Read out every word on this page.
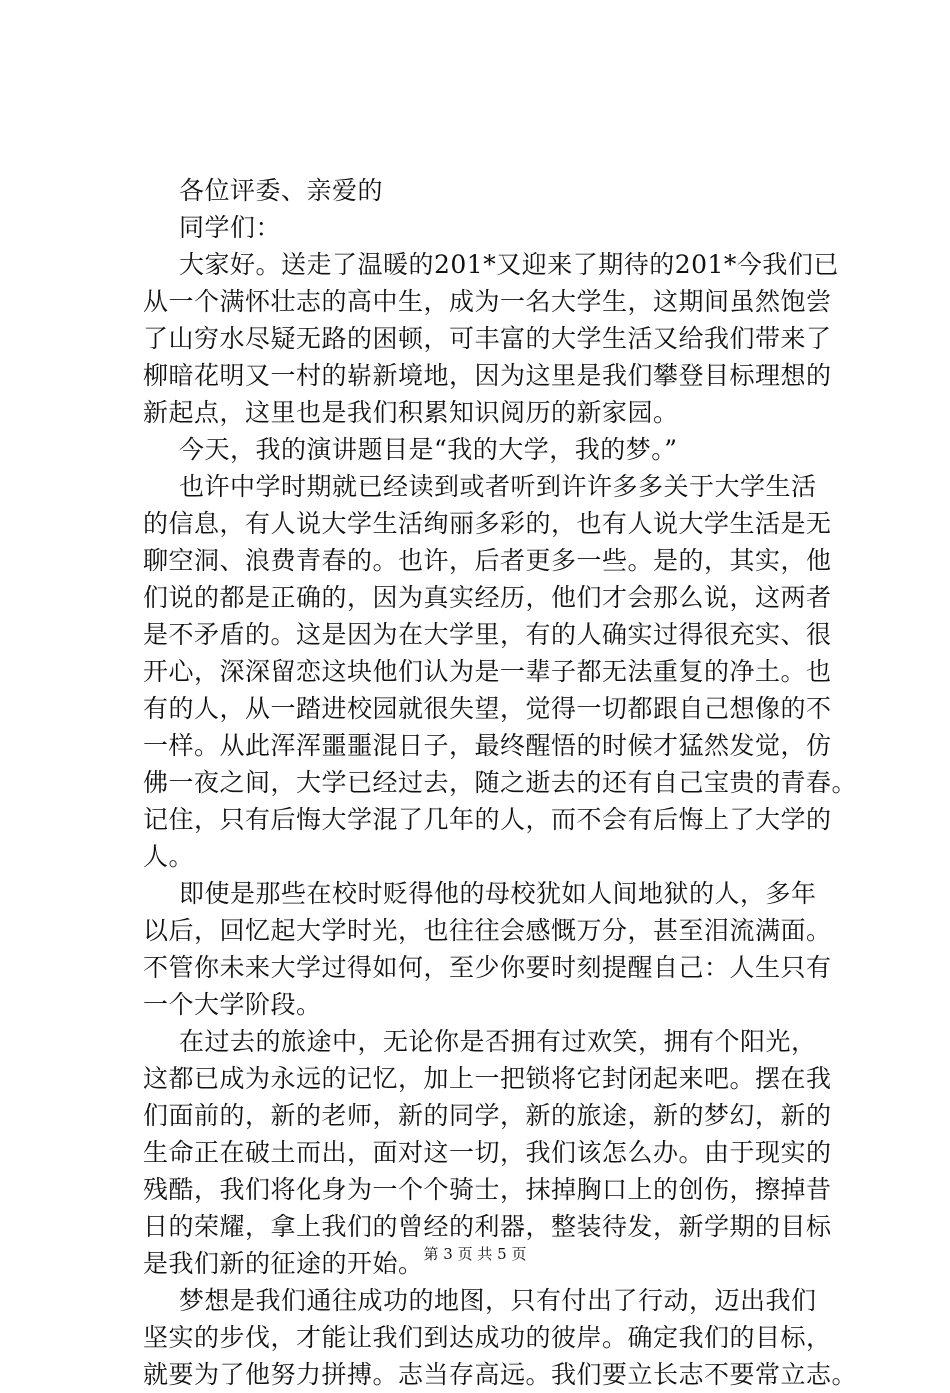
各位评委、亲爱的
同学们：
大家好。送走了温暖的201*又迎来了期待的201*今我们已
从一个满怀壮志的高中生，成为一名大学生，这期间虽然饱尝
了山穷水尽疑无路的困顿，可丰富的大学生活又给我们带来了
柳暗花明又一村的崭新境地，因为这里是我们攀登目标理想的
新起点，这里也是我们积累知识阅历的新家园。
今天，我的演讲题目是“我的大学，我的梦。”
也许中学时期就已经读到或者听到许许多多关于大学生活
的信息，有人说大学生活绚丽多彩的，也有人说大学生活是无
聊空洞、浪费青春的。也许，后者更多一些。是的，其实，他
们说的都是正确的，因为真实经历，他们才会那么说，这两者
是不矛盾的。这是因为在大学里，有的人确实过得很充实、很
开心，深深留恋这块他们认为是一辈子都无法重复的净土。也
有的人，从一踏进校园就很失望，觉得一切都跟自己想像的不
一样。从此浑浑噩噩混日子，最终醒悟的时候才猛然发觉，仿
佛一夜之间，大学已经过去，随之逝去的还有自己宝贵的青春。
记住，只有后悔大学混了几年的人，而不会有后悔上了大学的
人。
即使是那些在校时贬得他的母校犹如人间地狱的人，多年
以后，回忆起大学时光，也往往会感慨万分，甚至泪流满面。
不管你未来大学过得如何，至少你要时刻提醒自己：人生只有
一个大学阶段。
在过去的旅途中，无论你是否拥有过欢笑，拥有个阳光，
这都已成为永远的记忆，加上一把锁将它封闭起来吧。摆在我
们面前的，新的老师，新的同学，新的旅途，新的梦幻，新的
生命正在破土而出，面对这一切，我们该怎么办。由于现实的
残酷，我们将化身为一个个骑士，抹掉胸口上的创伤，擦掉昔
日的荣耀，拿上我们的曾经的利器，整装待发，新学期的目标
是我们新的征途的开始。
梦想是我们通往成功的地图，只有付出了行动，迈出我们
坚实的步伐，才能让我们到达成功的彼岸。确定我们的目标，
就要为了他努力拼搏。志当存高远。我们要立长志不要常立志。
第 3 页 共 5 页
